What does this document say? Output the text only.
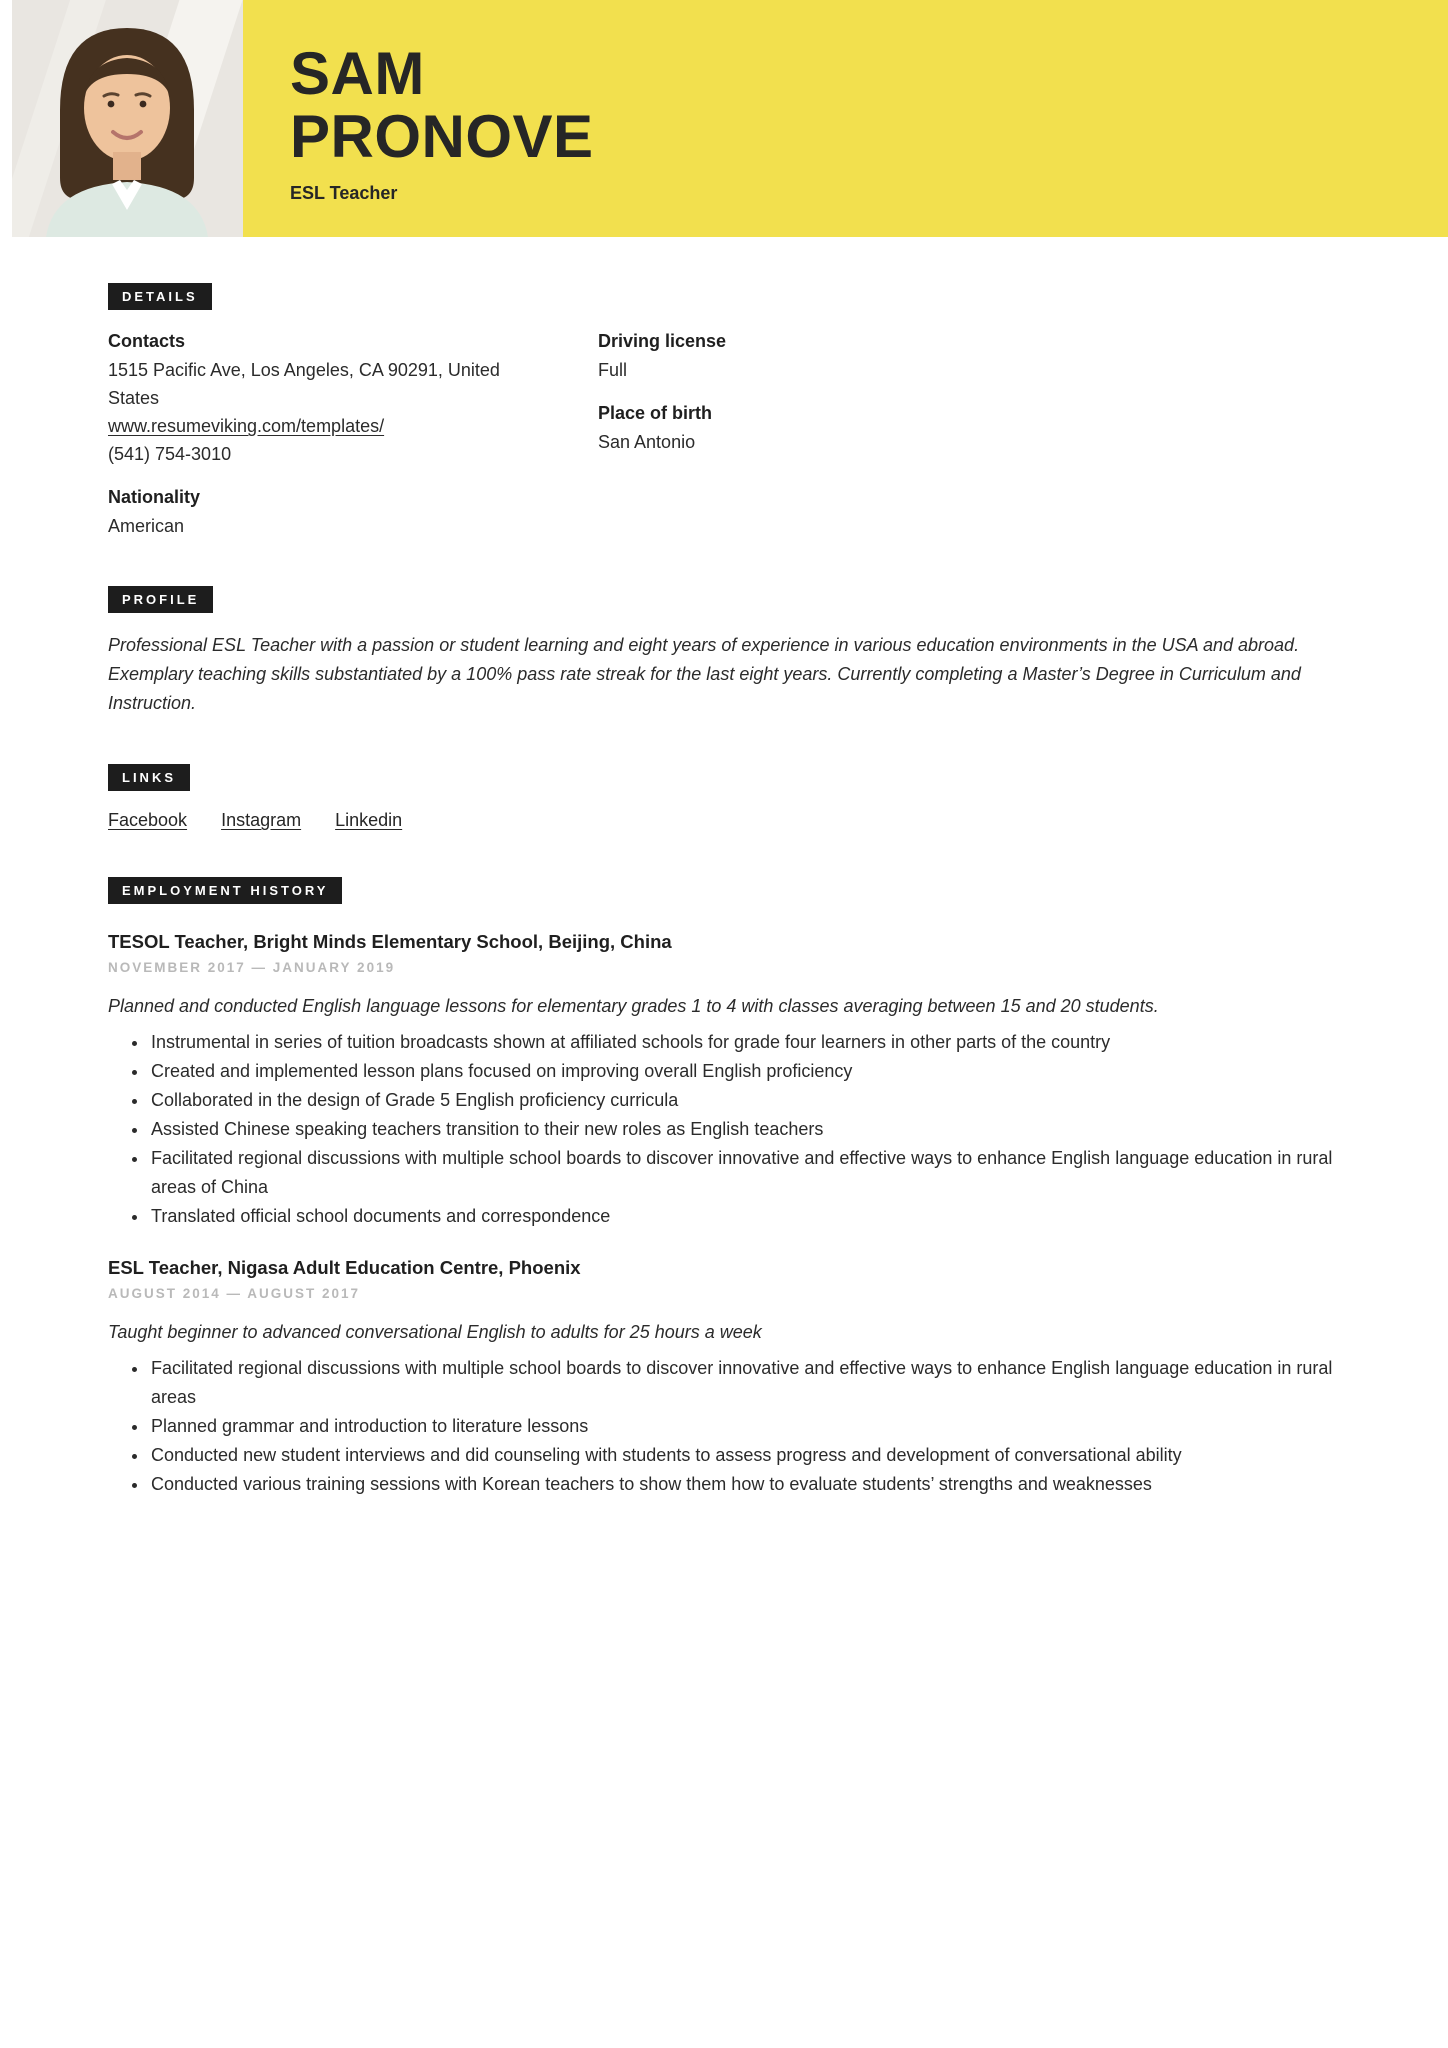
SAM
PRONOVE
ESL Teacher
DETAILS
Contacts
1515 Pacific Ave, Los Angeles, CA 90291, United
States
www.resumeviking.com/templates/
(541) 754-3010
Nationality
American
Driving license
Full
Place of birth
San Antonio
PROFILE

Professional ESL Teacher with a passion or student learning and eight years of experience in various education environments in the USA and abroad. Exemplary teaching skills substantiated by a 100% pass rate streak for the last eight years. Currently completing a Master’s Degree in Curriculum and Instruction.

LINKS
Facebook Instagram Linkedin
EMPLOYMENT HISTORY
TESOL Teacher, Bright Minds Elementary School, Beijing, China
NOVEMBER 2017 — JANUARY 2019

Planned and conducted English language lessons for elementary grades 1 to 4 with classes averaging between 15 and 20 students.

• Instrumental in series of tuition broadcasts shown at affiliated schools for grade four learners in other parts of the country
• Created and implemented lesson plans focused on improving overall English proficiency
• Collaborated in the design of Grade 5 English proficiency curricula
• Assisted Chinese speaking teachers transition to their new roles as English teachers
• Facilitated regional discussions with multiple school boards to discover innovative and effective ways to enhance English language education in rural areas of China
• Translated official school documents and correspondence
ESL Teacher, Nigasa Adult Education Centre, Phoenix
AUGUST 2014 — AUGUST 2017

Taught beginner to advanced conversational English to adults for 25 hours a week

• Facilitated regional discussions with multiple school boards to discover innovative and effective ways to enhance English language education in rural areas
• Planned grammar and introduction to literature lessons
• Conducted new student interviews and did counseling with students to assess progress and development of conversational ability
• Conducted various training sessions with Korean teachers to show them how to evaluate students’ strengths and weaknesses
